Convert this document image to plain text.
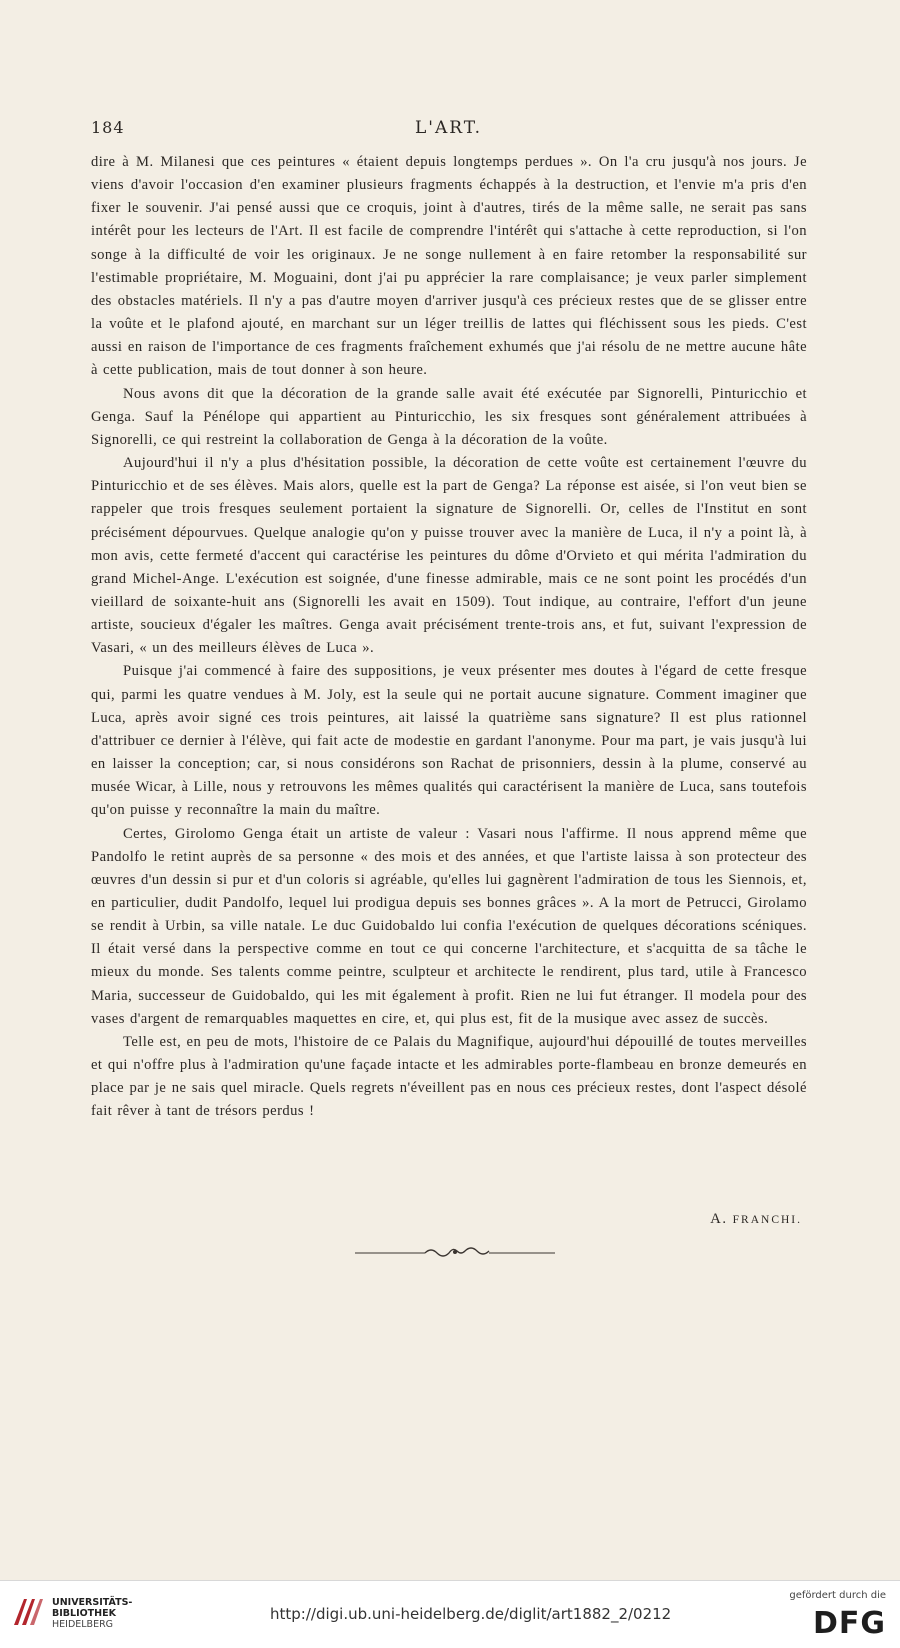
184	L'ART.

dire à M. Milanesi que ces peintures « étaient depuis longtemps perdues ». On l'a cru jusqu'à nos jours. Je viens d'avoir l'occasion d'en examiner plusieurs fragments échappés à la destruction, et l'envie m'a pris d'en fixer le souvenir. J'ai pensé aussi que ce croquis, joint à d'autres, tirés de la même salle, ne serait pas sans intérêt pour les lecteurs de l'Art. Il est facile de comprendre l'intérêt qui s'attache à cette reproduction, si l'on songe à la difficulté de voir les originaux. Je ne songe nullement à en faire retomber la responsabilité sur l'estimable propriétaire, M. Moguaini, dont j'ai pu apprécier la rare complaisance; je veux parler simplement des obstacles matériels. Il n'y a pas d'autre moyen d'arriver jusqu'à ces précieux restes que de se glisser entre la voûte et le plafond ajouté, en marchant sur un léger treillis de lattes qui fléchissent sous les pieds. C'est aussi en raison de l'importance de ces fragments fraîchement exhumés que j'ai résolu de ne mettre aucune hâte à cette publication, mais de tout donner à son heure.

Nous avons dit que la décoration de la grande salle avait été exécutée par Signorelli, Pinturicchio et Genga. Sauf la Pénélope qui appartient au Pinturicchio, les six fresques sont généralement attribuées à Signorelli, ce qui restreint la collaboration de Genga à la décoration de la voûte.

Aujourd'hui il n'y a plus d'hésitation possible, la décoration de cette voûte est certainement l'œuvre du Pinturicchio et de ses élèves. Mais alors, quelle est la part de Genga? La réponse est aisée, si l'on veut bien se rappeler que trois fresques seulement portaient la signature de Signorelli. Or, celles de l'Institut en sont précisément dépourvues. Quelque analogie qu'on y puisse trouver avec la manière de Luca, il n'y a point là, à mon avis, cette fermeté d'accent qui caractérise les peintures du dôme d'Orvieto et qui mérita l'admiration du grand Michel-Ange. L'exécution est soignée, d'une finesse admirable, mais ce ne sont point les procédés d'un vieillard de soixante-huit ans (Signorelli les avait en 1509). Tout indique, au contraire, l'effort d'un jeune artiste, soucieux d'égaler les maîtres. Genga avait précisément trente-trois ans, et fut, suivant l'expression de Vasari, « un des meilleurs élèves de Luca ».

Puisque j'ai commencé à faire des suppositions, je veux présenter mes doutes à l'égard de cette fresque qui, parmi les quatre vendues à M. Joly, est la seule qui ne portait aucune signature. Comment imaginer que Luca, après avoir signé ces trois peintures, ait laissé la quatrième sans signature? Il est plus rationnel d'attribuer ce dernier à l'élève, qui fait acte de modestie en gardant l'anonyme. Pour ma part, je vais jusqu'à lui en laisser la conception; car, si nous considérons son Rachat de prisonniers, dessin à la plume, conservé au musée Wicar, à Lille, nous y retrouvons les mêmes qualités qui caractérisent la manière de Luca, sans toutefois qu'on puisse y reconnaître la main du maître.

Certes, Girolomo Genga était un artiste de valeur : Vasari nous l'affirme. Il nous apprend même que Pandolfo le retint auprès de sa personne « des mois et des années, et que l'artiste laissa à son protecteur des œuvres d'un dessin si pur et d'un coloris si agréable, qu'elles lui gagnèrent l'admiration de tous les Siennois, et, en particulier, dudit Pandolfo, lequel lui prodigua depuis ses bonnes grâces ». A la mort de Petrucci, Girolamo se rendit à Urbin, sa ville natale. Le duc Guidobaldo lui confia l'exécution de quelques décorations scéniques. Il était versé dans la perspective comme en tout ce qui concerne l'architecture, et s'acquitta de sa tâche le mieux du monde. Ses talents comme peintre, sculpteur et architecte le rendirent, plus tard, utile à Francesco Maria, successeur de Guidobaldo, qui les mit également à profit. Rien ne lui fut étranger. Il modela pour des vases d'argent de remarquables maquettes en cire, et, qui plus est, fit de la musique avec assez de succès.

Telle est, en peu de mots, l'histoire de ce Palais du Magnifique, aujourd'hui dépouillé de toutes merveilles et qui n'offre plus à l'admiration qu'une façade intacte et les admirables porte-flambeau en bronze demeurés en place par je ne sais quel miracle. Quels regrets n'éveillent pas en nous ces précieux restes, dont l'aspect désolé fait rêver à tant de trésors perdus !

A. FRANCHI.
UNIVERSITÄTS-
BIBLIOTHEK
HEIDELBERG
http://digi.ub.uni-heidelberg.de/diglit/art1882_2/0212
gefördert durch die
DFG
